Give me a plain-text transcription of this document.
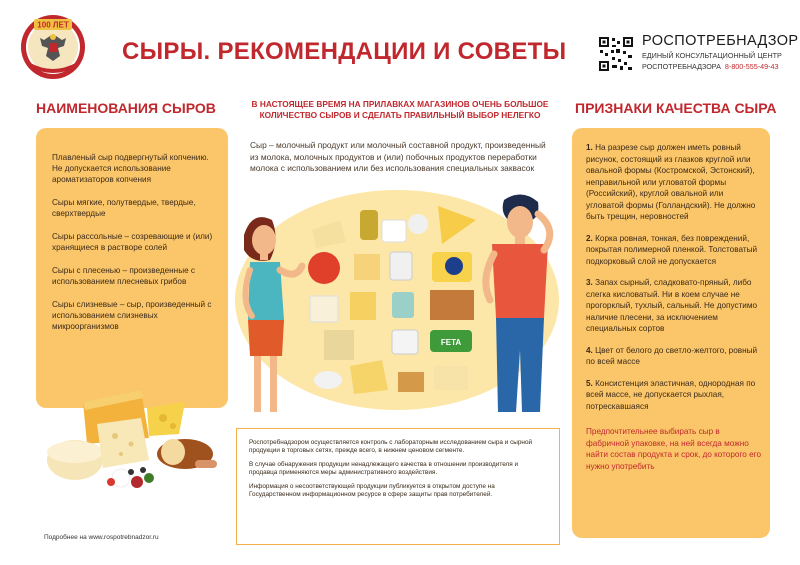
100 ЛЕТ
СЫРЫ. РЕКОМЕНДАЦИИ И СОВЕТЫ	РОСПОТРЕБНАДЗОР
ЕДИНЫЙ КОНСУЛЬТАЦИОННЫЙ ЦЕНТР
РОСПОТРЕБНАДЗОРА 8-800-555-49-43
НАИМЕНОВАНИЯ СЫРОВ	В НАСТОЯЩЕЕ ВРЕМЯ НА ПРИЛАВКАХ МАГАЗИНОВ ОЧЕНЬ БОЛЬШОЕ КОЛИЧЕСТВО СЫРОВ И СДЕЛАТЬ ПРАВИЛЬНЫЙ ВЫБОР НЕЛЕГКО	ПРИЗНАКИ КАЧЕСТВА СЫРА
Плавленый сыр подвергнутый копчению. Не допускается использование ароматизаторов копчения
Сыры мягкие, полутвердые, твердые, сверхтвердые
Сыры рассольные – созревающие и (или) хранящиеся в растворе солей
Сыры с плесенью – произведенные с использованием плесневых грибов
Сыры слизневые – сыр, произведенный с использованием слизневых микроорганизмов
Сыр – молочный продукт или молочный составной продукт, произведенный из молока, молочных продуктов и (или) побочных продуктов переработки молока с использованием или без использования специальных заквасок
FETA

Роспотребнадзором осуществляется контроль с лабораторным исследованием сыра и сырной продукции в торговых сетях, прежде всего, в нижнем ценовом сегменте.

В случае обнаружения продукции ненадлежащего качества в отношении производителя и продавца применяются меры административного воздействия.

Информация о несоответствующей продукции публикуется в открытом доступе на Государственном информационном ресурсе в сфере защиты прав потребителей.

1. На разрезе сыр должен иметь ровный рисунок, состоящий из глазков круглой или овальной формы (Костромской, Эстонский), неправильной или угловатой формы (Российский), круглой овальной или угловатой формы (Голландский). Не должно быть трещин, неровностей
2. Корка ровная, тонкая, без повреждений, покрытая полимерной пленкой. Толстоватый подкорковый слой не допускается
3. Запах сырный, сладковато-пряный, либо слегка кисловатый. Ни в коем случае не прогорклый, тухлый, сальный. Не допустимо наличие плесени, за исключением специальных сортов
4. Цвет от белого до светло-желтого, ровный по всей массе
5. Консистенция эластичная, однородная по всей массе, не допускается рыхлая, потрескавшаяся
Предпочтительнее выбирать сыр в фабричной упаковке, на ней всегда можно найти состав продукта и срок, до которого его нужно употребить
Подробнее на www.rospotrebnadzor.ru
